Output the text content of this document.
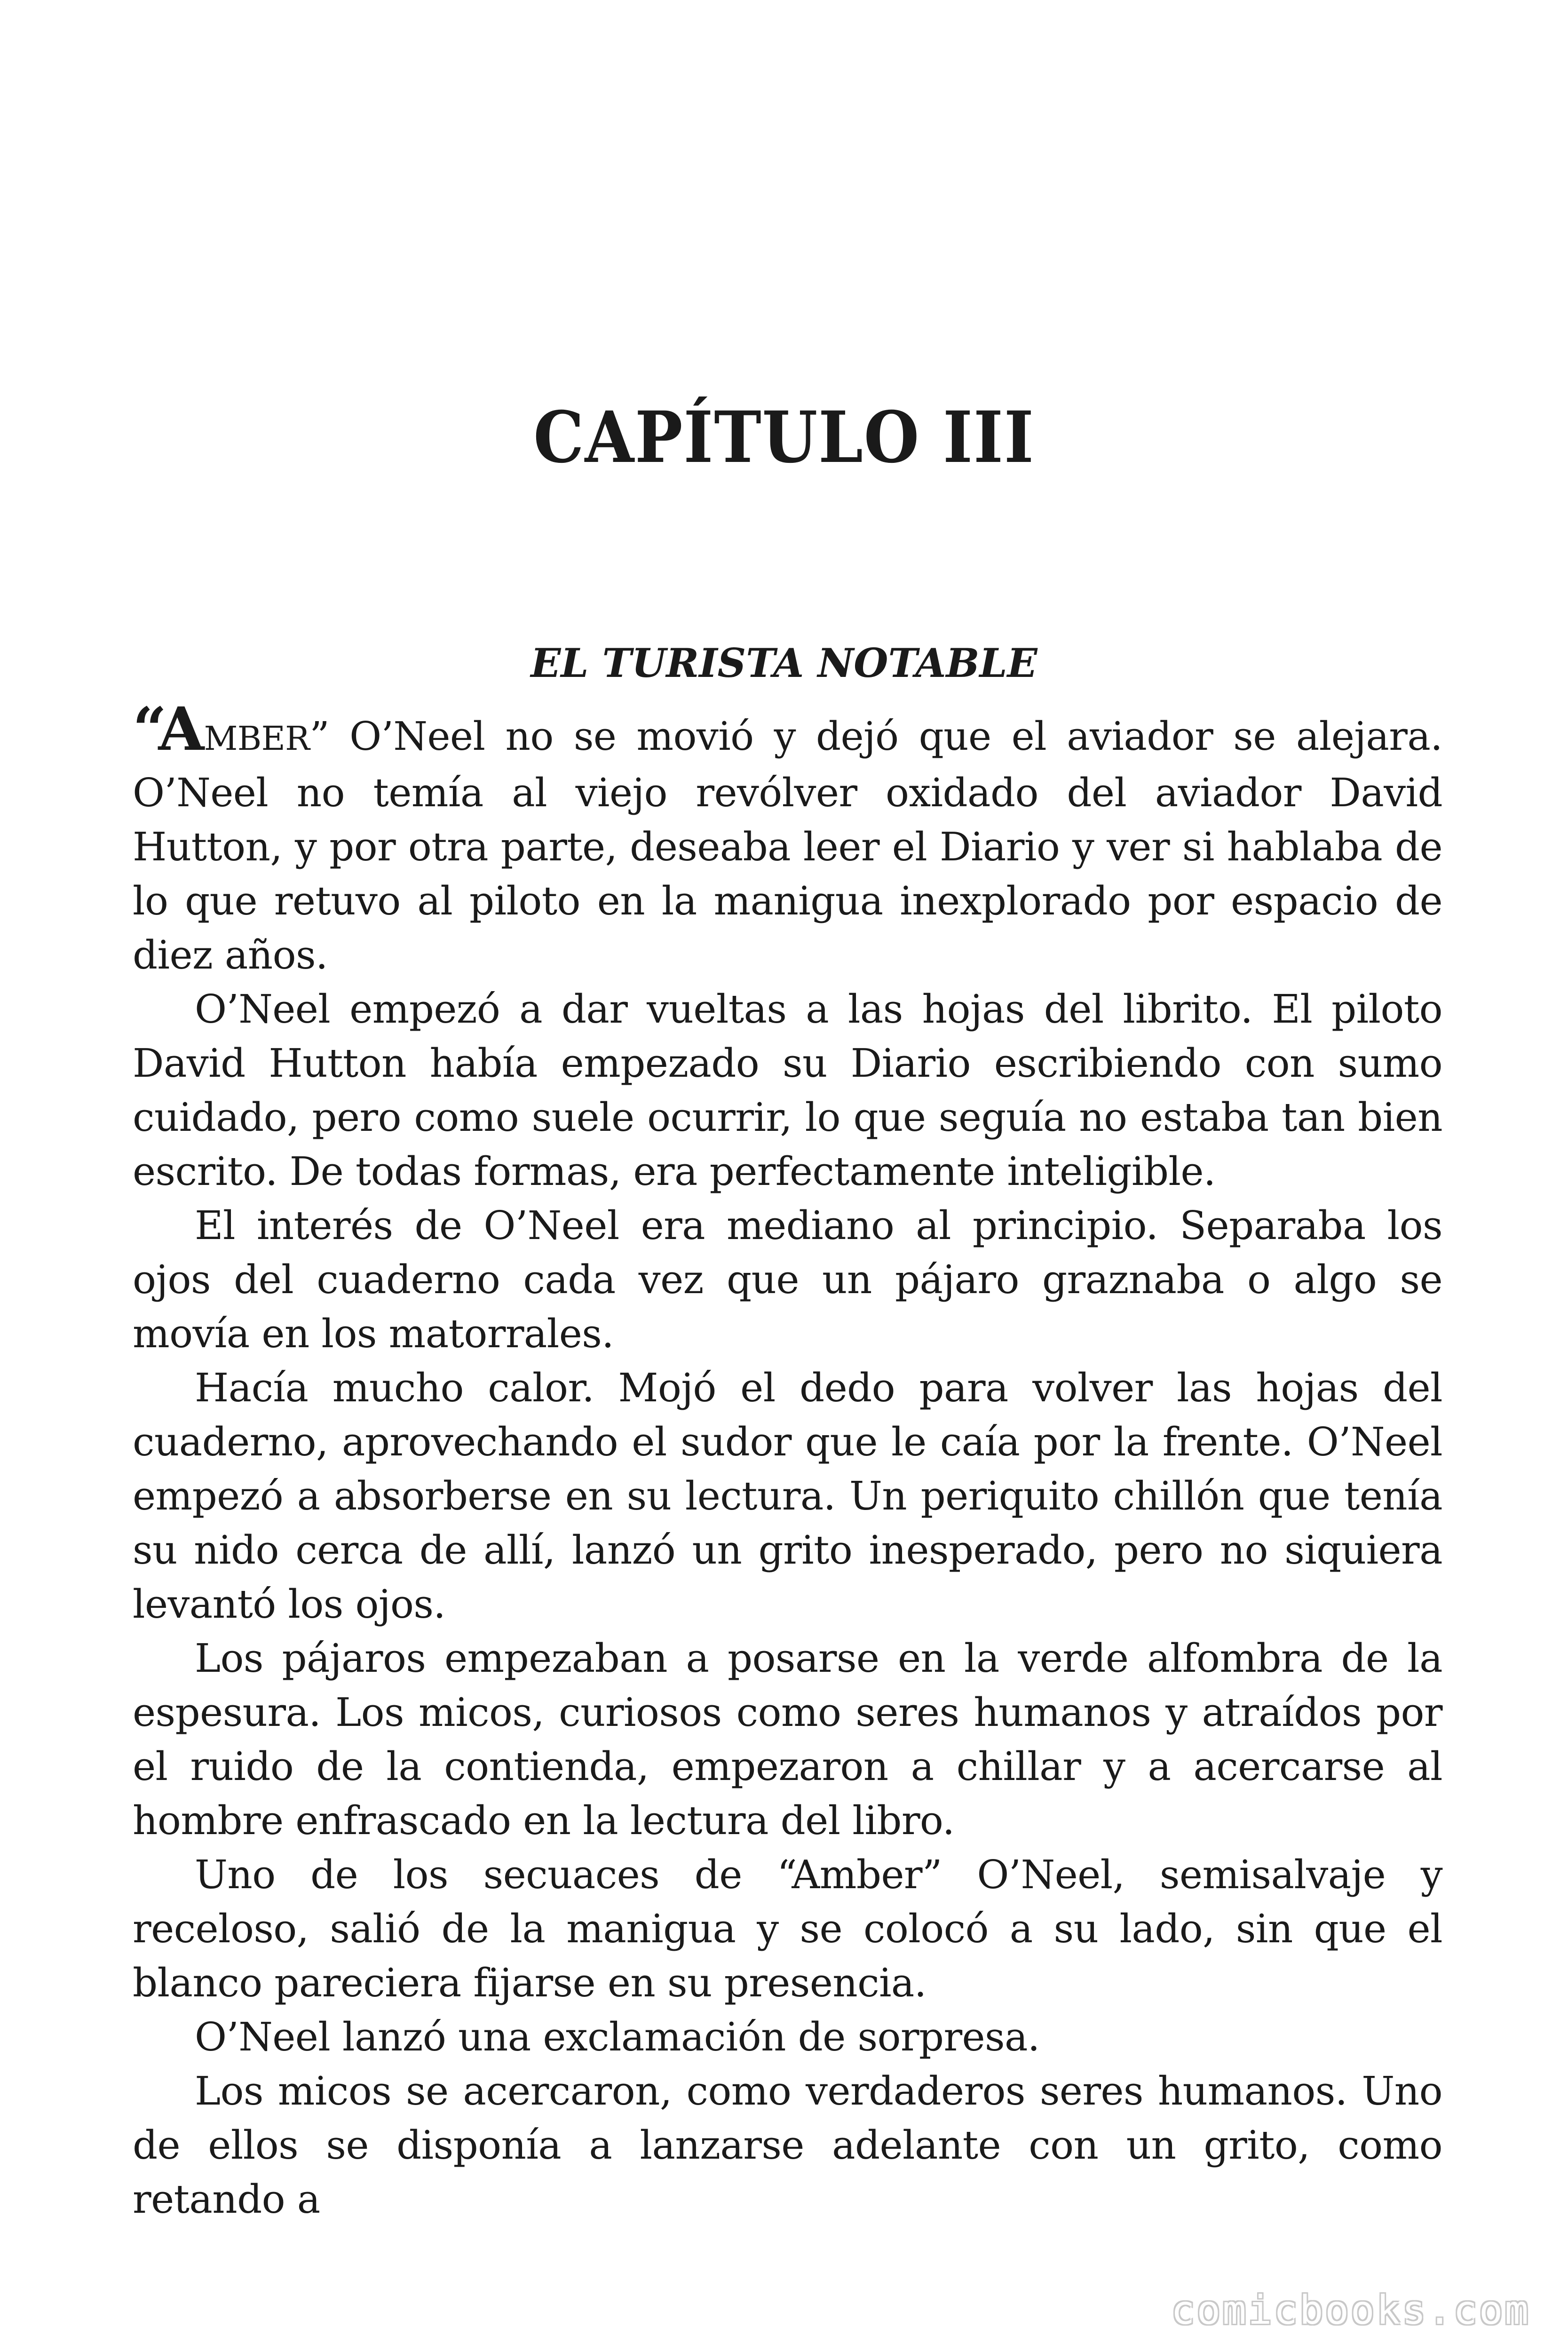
CAPÍTULO III
EL TURISTA NOTABLE

“AMBER” O’Neel no se movió y dejó que el aviador se alejara. O’Neel no temía al viejo revólver oxidado del aviador David Hutton, y por otra parte, deseaba leer el Diario y ver si hablaba de lo que retuvo al piloto en la manigua inexplorado por espacio de diez años.

O’Neel empezó a dar vueltas a las hojas del librito. El piloto David Hutton había empezado su Diario escribiendo con sumo cuidado, pero como suele ocurrir, lo que seguía no estaba tan bien escrito. De todas formas, era perfectamente inteligible.

El interés de O’Neel era mediano al principio. Separaba los ojos del cuaderno cada vez que un pájaro graznaba o algo se movía en los matorrales.

Hacía mucho calor. Mojó el dedo para volver las hojas del cuaderno, aprovechando el sudor que le caía por la frente. O’Neel empezó a absorberse en su lectura. Un periquito chillón que tenía su nido cerca de allí, lanzó un grito inesperado, pero no siquiera levantó los ojos.

Los pájaros empezaban a posarse en la verde alfombra de la espesura. Los micos, curiosos como seres humanos y atraídos por el ruido de la contienda, empezaron a chillar y a acercarse al hombre enfrascado en la lectura del libro.

Uno de los secuaces de “Amber” O’Neel, semisalvaje y receloso, salió de la manigua y se colocó a su lado, sin que el blanco pareciera fijarse en su presencia.

O’Neel lanzó una exclamación de sorpresa.

Los micos se acercaron, como verdaderos seres humanos. Uno de ellos se disponía a lanzarse adelante con un grito, como retando a

comicbooks.com
